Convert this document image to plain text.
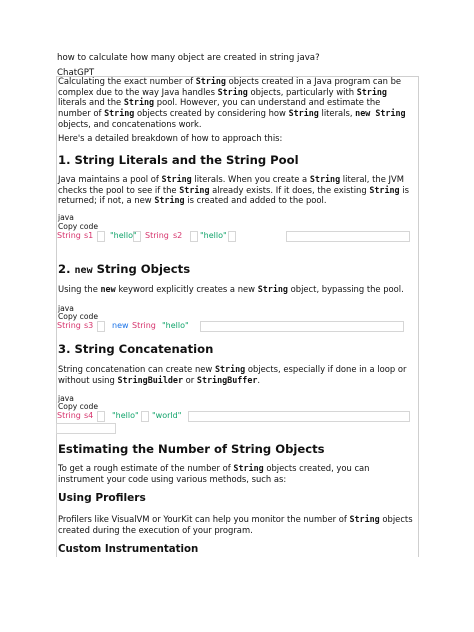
how to calculate how many object are created in string java?
ChatGPT
Calculating the exact number of String objects created in a Java program can be complex due to the way Java handles String objects, particularly with String literals and the String pool. However, you can understand and estimate the number of String objects created by considering how String literals, new String objects, and concatenations work.
Here's a detailed breakdown of how to approach this:
1. String Literals and the String Pool
Java maintains a pool of String literals. When you create a String literal, the JVM checks the pool to see if the String already exists. If it does, the existing String is returned; if not, a new String is created and added to the pool.
java
Copy code
String s1 "hello" String s2 "hello"
2. new String Objects
Using the new keyword explicitly creates a new String object, bypassing the pool.
java
Copy code
String s3 new String "hello"
3. String Concatenation
String concatenation can create new String objects, especially if done in a loop or without using StringBuilder or StringBuffer.
java
Copy code
String s4 "hello" "world"
Estimating the Number of String Objects
To get a rough estimate of the number of String objects created, you can instrument your code using various methods, such as:
Using Profilers
Profilers like VisualVM or YourKit can help you monitor the number of String objects created during the execution of your program.
Custom Instrumentation
